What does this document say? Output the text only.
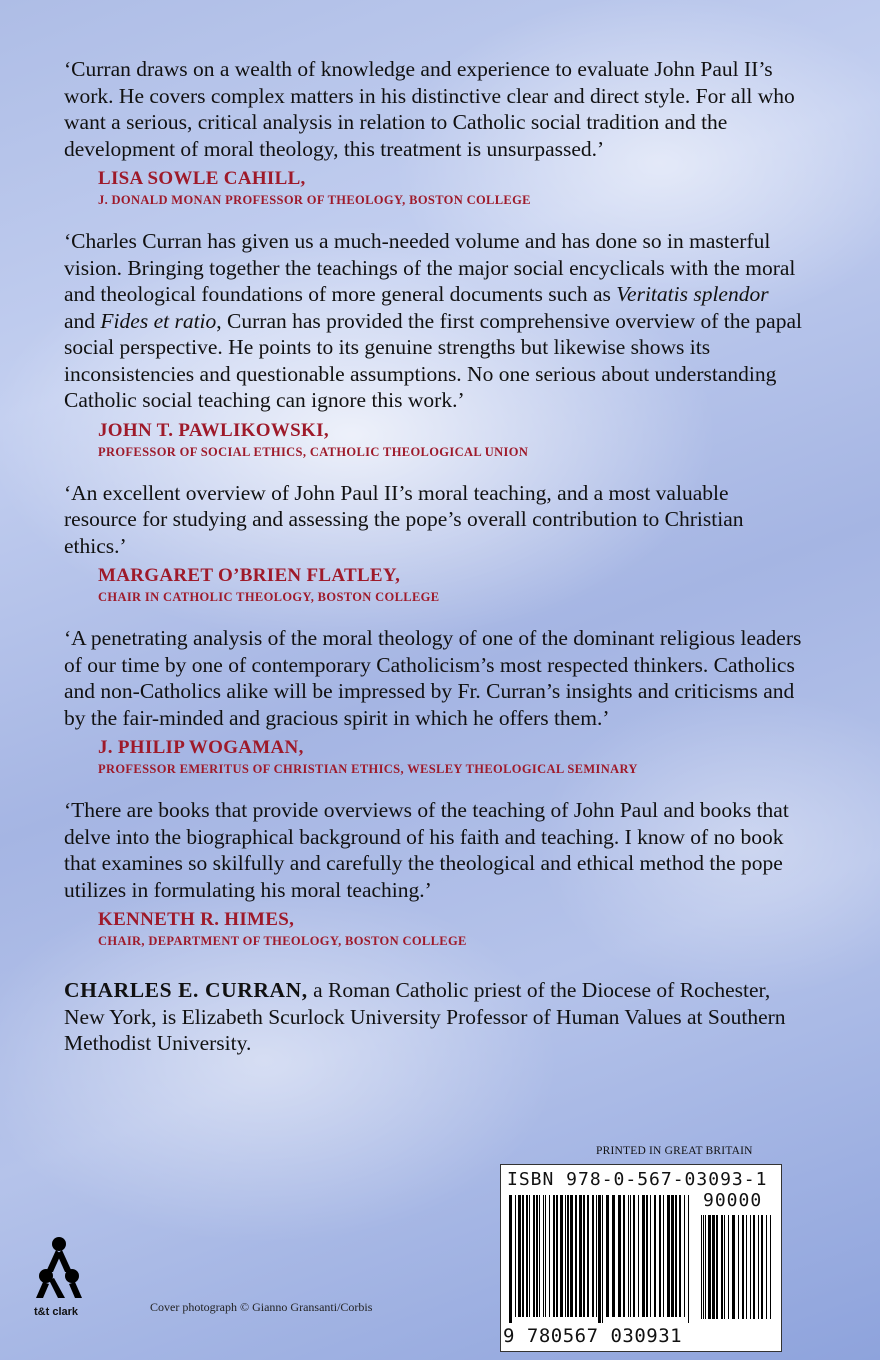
‘Curran draws on a wealth of knowledge and experience to evaluate John Paul II’s work. He covers complex matters in his distinctive clear and direct style. For all who want a serious, critical analysis in relation to Catholic social tradition and the development of moral theology, this treatment is unsurpassed.’

LISA SOWLE CAHILL,
J. DONALD MONAN PROFESSOR OF THEOLOGY, BOSTON COLLEGE

‘Charles Curran has given us a much-needed volume and has done so in masterful vision. Bringing together the teachings of the major social encyclicals with the moral and theological foundations of more general documents such as Veritatis splendor and Fides et ratio, Curran has provided the first comprehensive overview of the papal social perspective. He points to its genuine strengths but likewise shows its inconsistencies and questionable assumptions. No one serious about understanding Catholic social teaching can ignore this work.’

JOHN T. PAWLIKOWSKI,
PROFESSOR OF SOCIAL ETHICS, CATHOLIC THEOLOGICAL UNION

‘An excellent overview of John Paul II’s moral teaching, and a most valuable resource for studying and assessing the pope’s overall contribution to Christian ethics.’

MARGARET O’BRIEN FLATLEY,
CHAIR IN CATHOLIC THEOLOGY, BOSTON COLLEGE

‘A penetrating analysis of the moral theology of one of the dominant religious leaders of our time by one of contemporary Catholicism’s most respected thinkers. Catholics and non-Catholics alike will be impressed by Fr. Curran’s insights and criticisms and by the fair-minded and gracious spirit in which he offers them.’

J. PHILIP WOGAMAN,
PROFESSOR EMERITUS OF CHRISTIAN ETHICS, WESLEY THEOLOGICAL SEMINARY

‘There are books that provide overviews of the teaching of John Paul and books that delve into the biographical background of his faith and teaching. I know of no book that examines so skilfully and carefully the theological and ethical method the pope utilizes in formulating his moral teaching.’

KENNETH R. HIMES,
CHAIR, DEPARTMENT OF THEOLOGY, BOSTON COLLEGE

CHARLES E. CURRAN, a Roman Catholic priest of the Diocese of Rochester, New York, is Elizabeth Scurlock University Professor of Human Values at Southern Methodist University.

PRINTED IN GREAT BRITAIN
ISBN 978-0-567-03093-1
90000
9 780567 030931
t&t clark	Cover photograph © Gianno Gransanti/Corbis
